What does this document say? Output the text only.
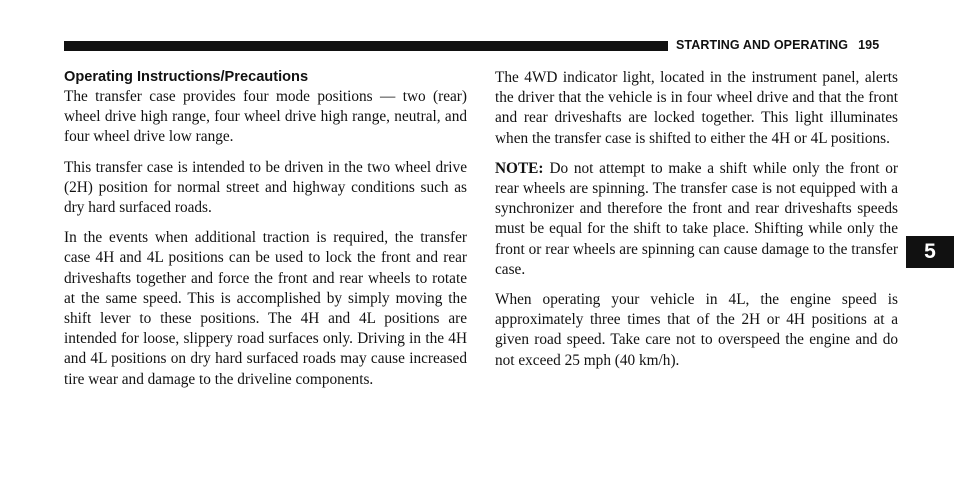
STARTING AND OPERATING 195
Operating Instructions/Precautions

The transfer case provides four mode positions — two (rear) wheel drive high range, four wheel drive high range, neutral, and four wheel drive low range.

This transfer case is intended to be driven in the two wheel drive (2H) position for normal street and highway conditions such as dry hard surfaced roads.

In the events when additional traction is required, the transfer case 4H and 4L positions can be used to lock the front and rear driveshafts together and force the front and rear wheels to rotate at the same speed. This is accomplished by simply moving the shift lever to these positions. The 4H and 4L positions are intended for loose, slippery road surfaces only. Driving in the 4H and 4L positions on dry hard surfaced roads may cause increased tire wear and damage to the driveline components.

The 4WD indicator light, located in the instrument panel, alerts the driver that the vehicle is in four wheel drive and that the front and rear driveshafts are locked together. This light illuminates when the transfer case is shifted to either the 4H or 4L positions.

NOTE: Do not attempt to make a shift while only the front or rear wheels are spinning. The transfer case is not equipped with a synchronizer and therefore the front and rear driveshafts speeds must be equal for the shift to take place. Shifting while only the front or rear wheels are spinning can cause damage to the transfer case.

When operating your vehicle in 4L, the engine speed is approximately three times that of the 2H or 4H positions at a given road speed. Take care not to overspeed the engine and do not exceed 25 mph (40 km/h).

5
